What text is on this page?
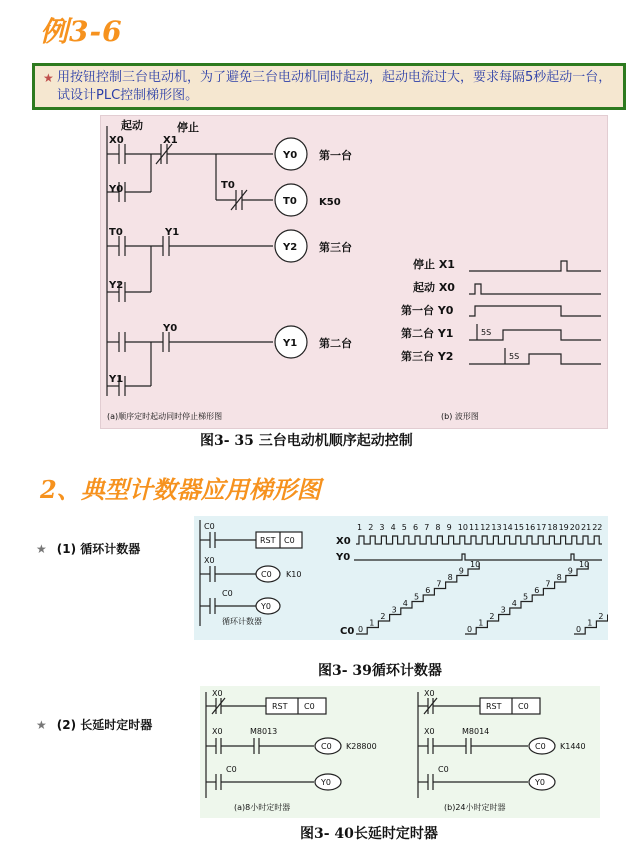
例3-6
★ 用按钮控制三台电动机，为了避免三台电动机同时起动，起动电流过大，要求每隔5秒起动一台，试设计PLC控制梯形图。
起动	停止
Y0 第一台
X0	X1
Y0
T0 K50
T0
Y2 第三台
T0	Y1
Y2
Y1 第二台
Y0
Y1
(a)顺序定时起动同时停止梯形图
停止 X1
起动 X0
第一台 Y0
第二台 Y1	5S
第三台 Y2	5S
(b) 波形图
图3- 35 三台电动机顺序起动控制
2、典型计数器应用梯形图
★ (1) 循环计数器
RST C0
C0
C0 K10
X0
Y0
C0
循环计数器
X0
Y0
1 2 3 4 5 6 7 8 9 10 11 12 13 14 15 16 17 18 19 20 21 22
0
1
2
3
4
5
6
7
8
9
10
0
1
2
3
4
5
6
7
8
9
10
0
1
2
C0
图3- 39循环计数器
★ (2) 长延时定时器
X0
RST C0
X0	M8013
C0 K28800
C0
Y0
(a)8小时定时器
X0
RST C0
X0	M8014
C0 K1440
C0
Y0
(b)24小时定时器
图3- 40长延时定时器
